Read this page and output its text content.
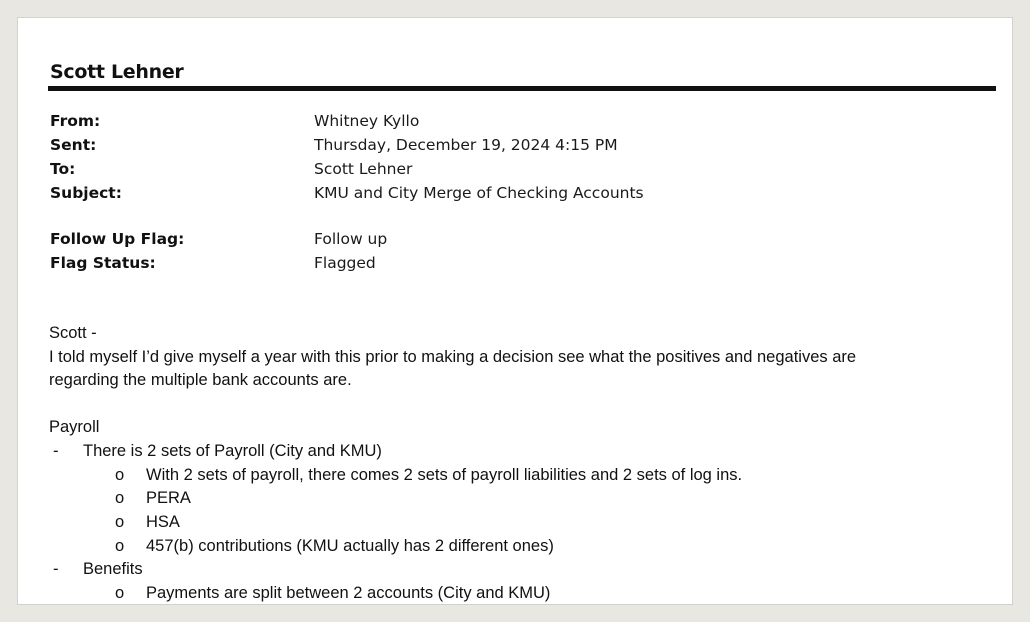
Scott Lehner
From:	Whitney Kyllo
Sent:	Thursday, December 19, 2024 4:15 PM
To:	Scott Lehner
Subject:	KMU and City Merge of Checking Accounts
Follow Up Flag:	Follow up
Flag Status:	Flagged
Scott -
I told myself I’d give myself a year with this prior to making a decision see what the positives and negatives are
regarding the multiple bank accounts are.
Payroll
- There is 2 sets of Payroll (City and KMU)
o With 2 sets of payroll, there comes 2 sets of payroll liabilities and 2 sets of log ins.
o PERA
o HSA
o 457(b) contributions (KMU actually has 2 different ones)
- Benefits
o Payments are split between 2 accounts (City and KMU)
